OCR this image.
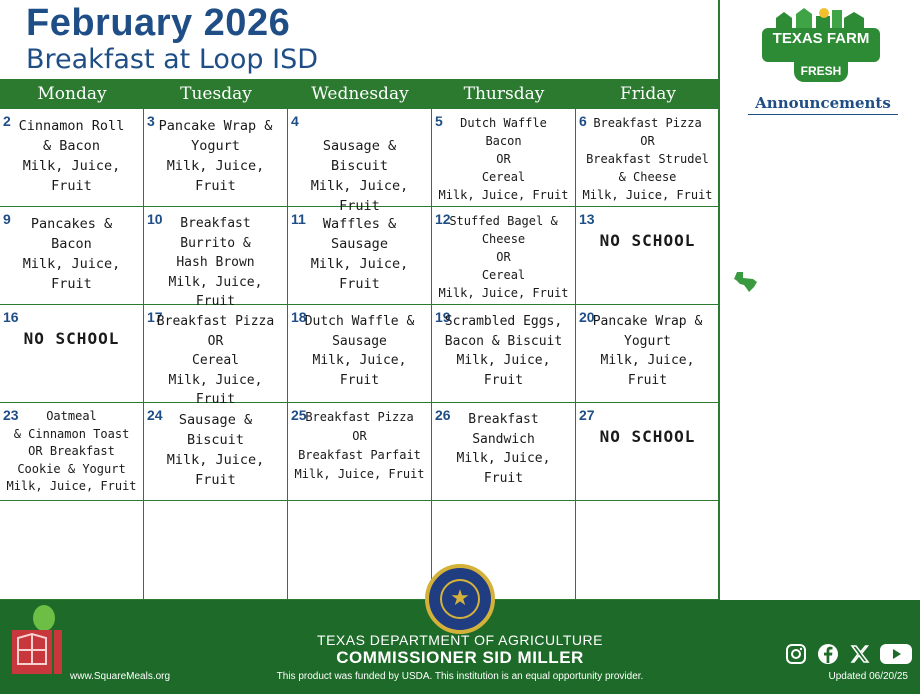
February 2026
Breakfast at Loop ISD
Monday	Tuesday	Wednesday	Thursday	Friday
2 Cinnamon Roll
& Bacon
Milk, Juice,
Fruit
3 Pancake Wrap &
Yogurt
Milk, Juice, Fruit
4

Sausage & Biscuit
Milk, Juice, Fruit
5	Dutch Waffle
Bacon
OR
Cereal
Milk, Juice, Fruit
6 Breakfast Pizza
OR
Breakfast Strudel
& Cheese
Milk, Juice, Fruit
9	Pancakes &
Bacon
Milk, Juice, Fruit
10	Breakfast
Burrito &
Hash Brown
Milk, Juice, Fruit
11	Waffles &
Sausage
Milk, Juice, Fruit
12
Stuffed Bagel &
Cheese
OR
Cereal
Milk, Juice, Fruit
13
NO SCHOOL
16
NO SCHOOL
17
Breakfast Pizza
OR
Cereal
Milk, Juice, Fruit
18
Dutch Waffle &
Sausage
Milk, Juice, Fruit
19
Scrambled Eggs,
Bacon & Biscuit
Milk, Juice, Fruit
20
Pancake Wrap &
Yogurt
Milk, Juice, Fruit
23	Oatmeal
& Cinnamon Toast
OR Breakfast
Cookie & Yogurt
Milk, Juice, Fruit
24	Sausage &
Biscuit
Milk, Juice, Fruit
25
Breakfast Pizza
OR
Breakfast Parfait
Milk, Juice, Fruit
26	Breakfast
Sandwich
Milk, Juice, Fruit
27
NO SCHOOL
TEXAS FARM
FRESH
Announcements
★
TEXAS DEPARTMENT OF AGRICULTURE
COMMISSIONER SID MILLER
www.SquareMeals.org	This product was funded by USDA. This institution is an equal opportunity provider.	Updated 06/20/25
